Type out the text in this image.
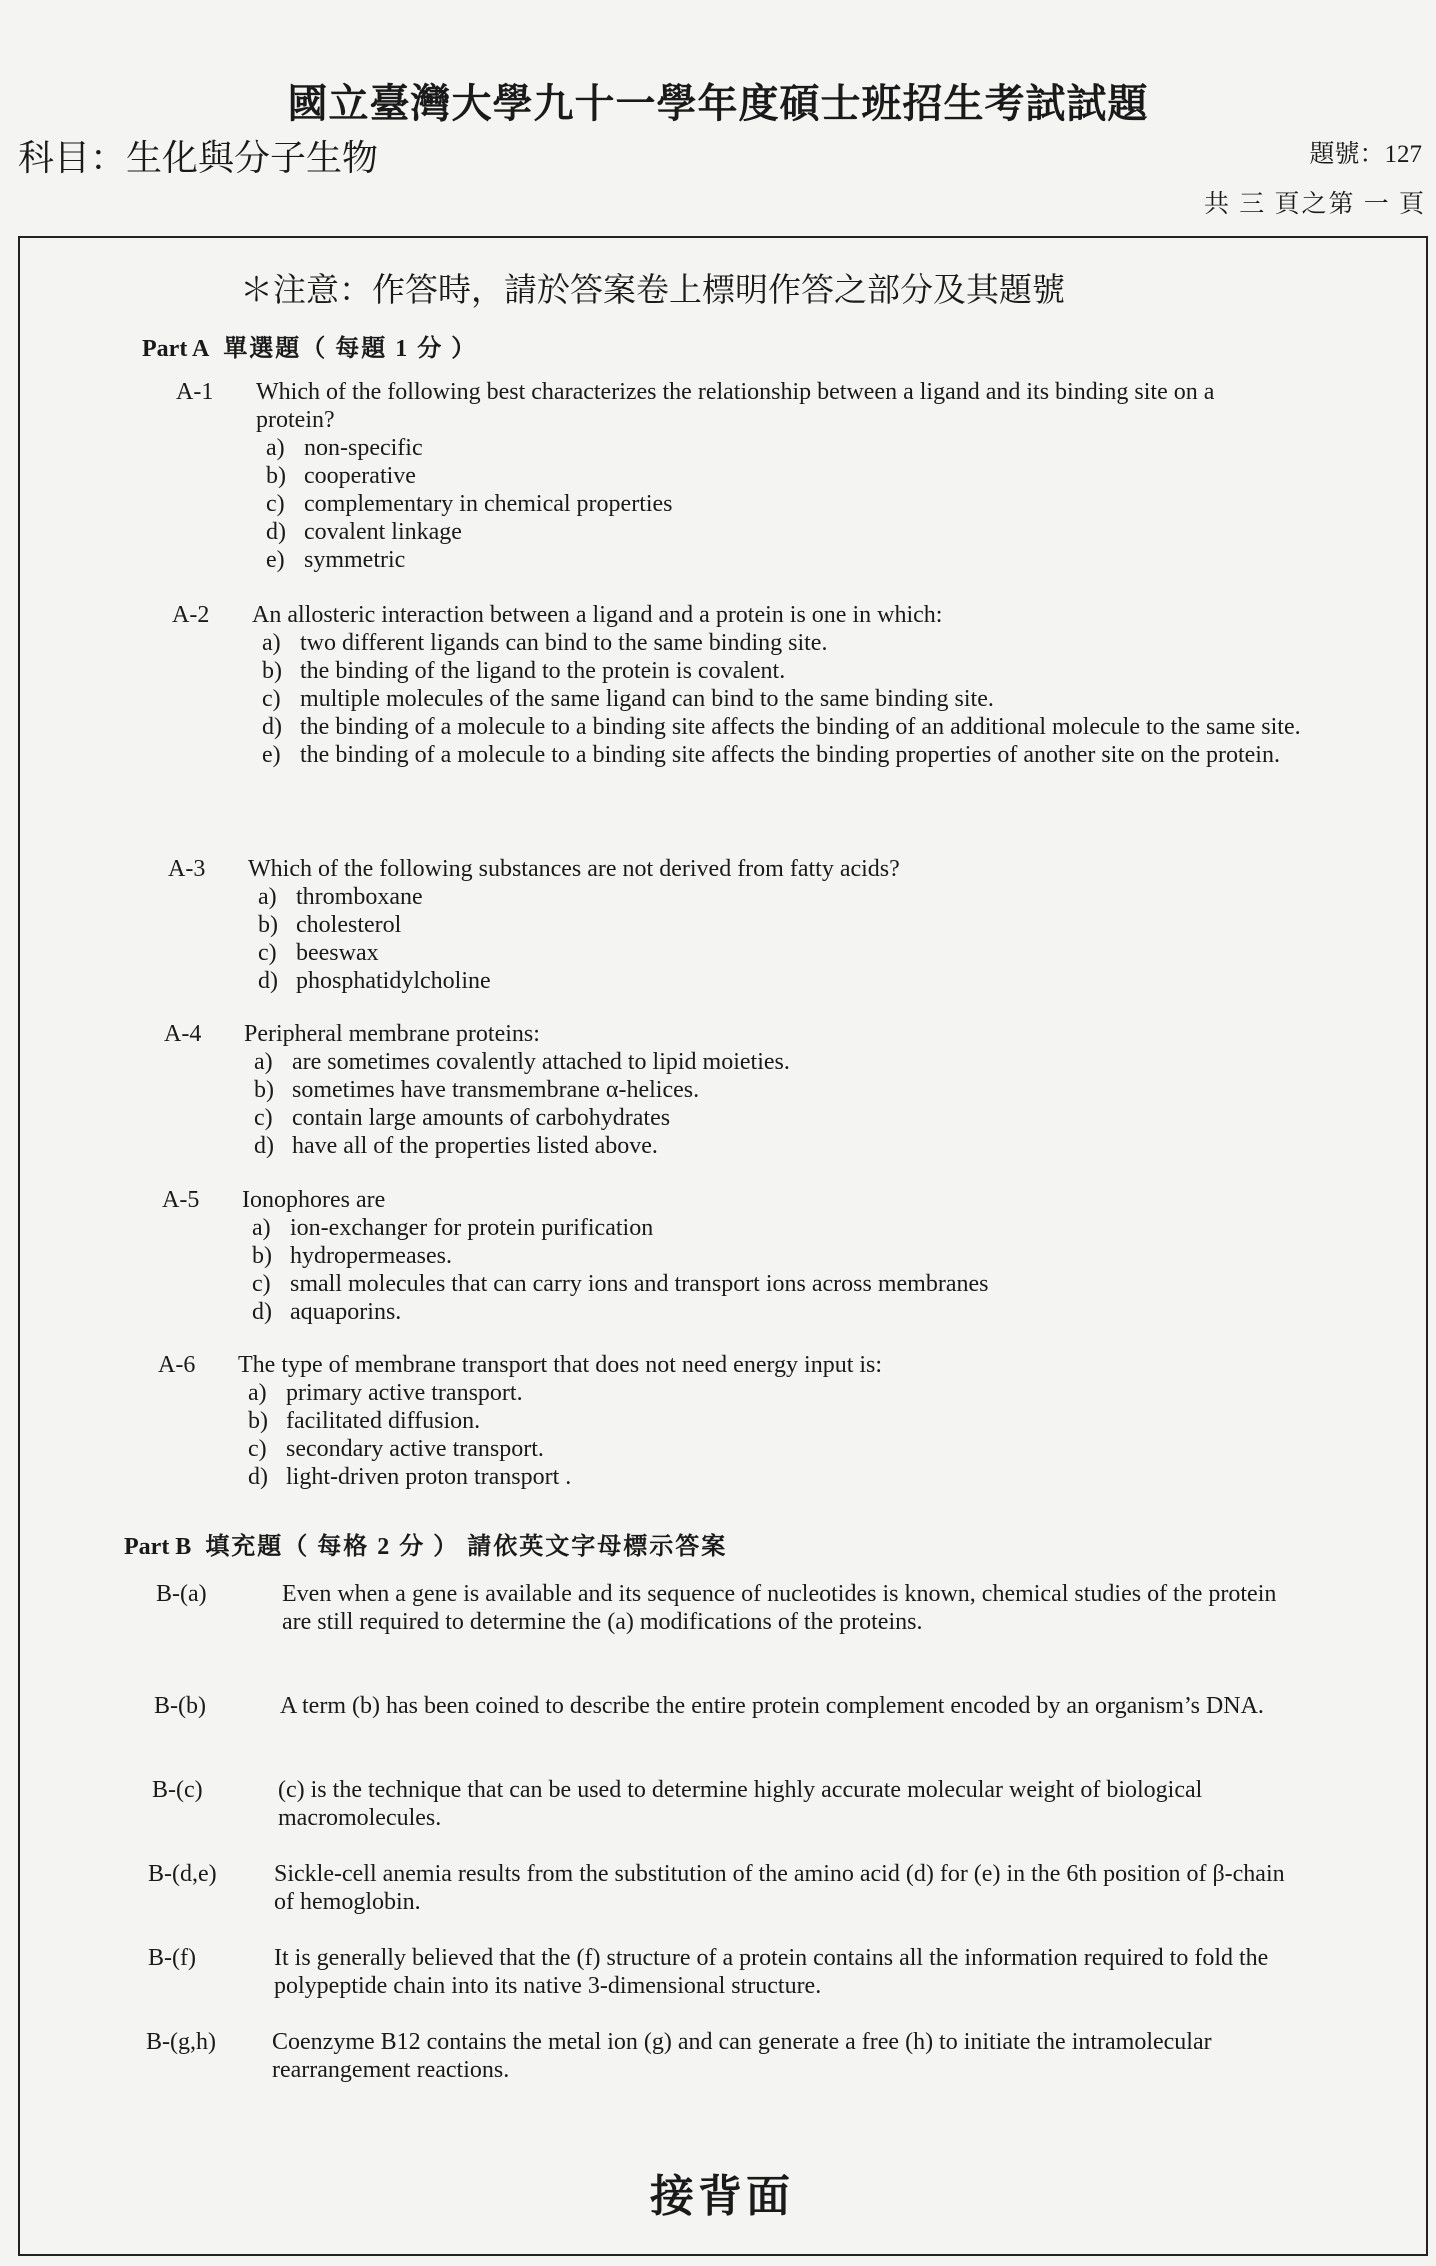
國立臺灣大學九十一學年度碩士班招生考試試題
科目：生化與分子生物	題號：127
共 三 頁之第 一 頁
＊注意：作答時，請於答案卷上標明作答之部分及其題號
Part A 單選題（ 每題 1 分 ）
A-1	Which of the following best characterizes the relationship between a ligand and its binding site on a protein?
a) non-specific
b) cooperative
c) complementary in chemical properties
d) covalent linkage
e) symmetric
A-2	An allosteric interaction between a ligand and a protein is one in which:
a) two different ligands can bind to the same binding site.
b) the binding of the ligand to the protein is covalent.
c) multiple molecules of the same ligand can bind to the same binding site.
d) the binding of a molecule to a binding site affects the binding of an additional molecule to the same site.
e) the binding of a molecule to a binding site affects the binding properties of another site on the protein.
A-3	Which of the following substances are not derived from fatty acids?
a) thromboxane
b) cholesterol
c) beeswax
d) phosphatidylcholine
A-4	Peripheral membrane proteins:
a) are sometimes covalently attached to lipid moieties.
b) sometimes have transmembrane α-helices.
c) contain large amounts of carbohydrates
d) have all of the properties listed above.
A-5	Ionophores are
a) ion-exchanger for protein purification
b) hydropermeases.
c) small molecules that can carry ions and transport ions across membranes
d) aquaporins.
A-6	The type of membrane transport that does not need energy input is:
a) primary active transport.
b) facilitated diffusion.
c) secondary active transport.
d) light-driven proton transport .
Part B 填充題（ 每格 2 分 ） 請依英文字母標示答案
B-(a)	Even when a gene is available and its sequence of nucleotides is known, chemical studies of the protein are still required to determine the (a) modifications of the proteins.
B-(b)	A term (b) has been coined to describe the entire protein complement encoded by an organism’s DNA.
B-(c)	(c) is the technique that can be used to determine highly accurate molecular weight of biological macromolecules.
B-(d,e)	Sickle-cell anemia results from the substitution of the amino acid (d) for (e) in the 6th position of β-chain of hemoglobin.
B-(f)	It is generally believed that the (f) structure of a protein contains all the information required to fold the polypeptide chain into its native 3-dimensional structure.
B-(g,h)	Coenzyme B12 contains the metal ion (g) and can generate a free (h) to initiate the intramolecular rearrangement reactions.
接背面
